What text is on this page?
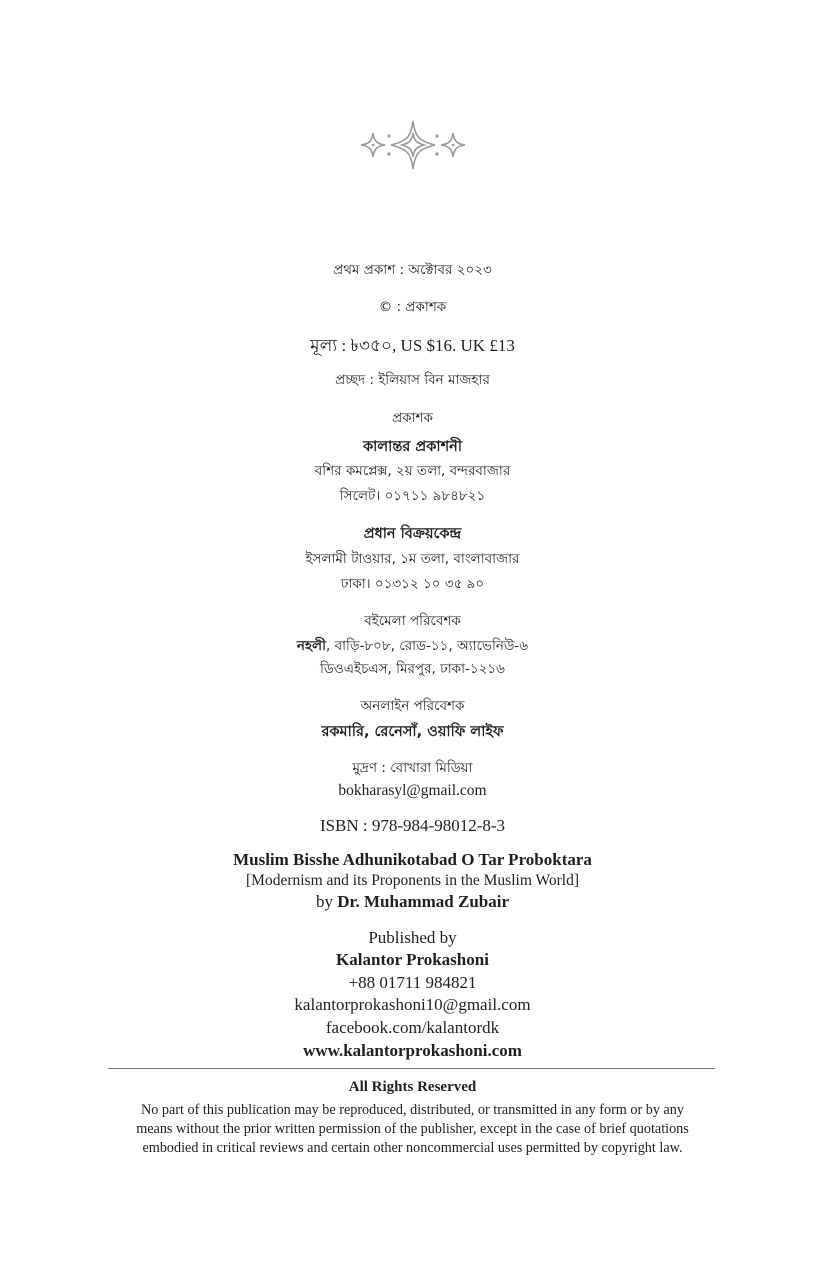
প্রথম প্রকাশ : অক্টোবর ২০২৩
© : প্রকাশক
মূল্য : ৳৩৫০, US $16. UK £13
প্রচ্ছদ : ইলিয়াস বিন মাজহার
প্রকাশক
কালান্তর প্রকাশনী
বশির কমপ্লেক্স, ২য় তলা, বন্দরবাজার
সিলেট। ০১৭১১ ৯৮৪৮২১
প্রধান বিক্রয়কেন্দ্র
ইসলামী টাওয়ার, ১ম তলা, বাংলাবাজার
ঢাকা। ০১৩১২ ১০ ৩৫ ৯০
বইমেলা পরিবেশক
নহলী, বাড়ি-৮০৮, রোড-১১, অ্যাভেনিউ-৬
ডিওএইচএস, মিরপুর, ঢাকা-১২১৬
অনলাইন পরিবেশক
রকমারি, রেনেসাঁ, ওয়াফি লাইফ
মুদ্রণ : বোখারা মিডিয়া
bokharasyl@gmail.com
ISBN : 978-984-98012-8-3
Muslim Bisshe Adhunikotabad O Tar Proboktara
[Modernism and its Proponents in the Muslim World]
by Dr. Muhammad Zubair
Published by
Kalantor Prokashoni
+88 01711 984821
kalantorprokashoni10@gmail.com
facebook.com/kalantordk
www.kalantorprokashoni.com
All Rights Reserved
No part of this publication may be reproduced, distributed, or transmitted in any form or by any
means without the prior written permission of the publisher, except in the case of brief quotations
embodied in critical reviews and certain other noncommercial uses permitted by copyright law.
